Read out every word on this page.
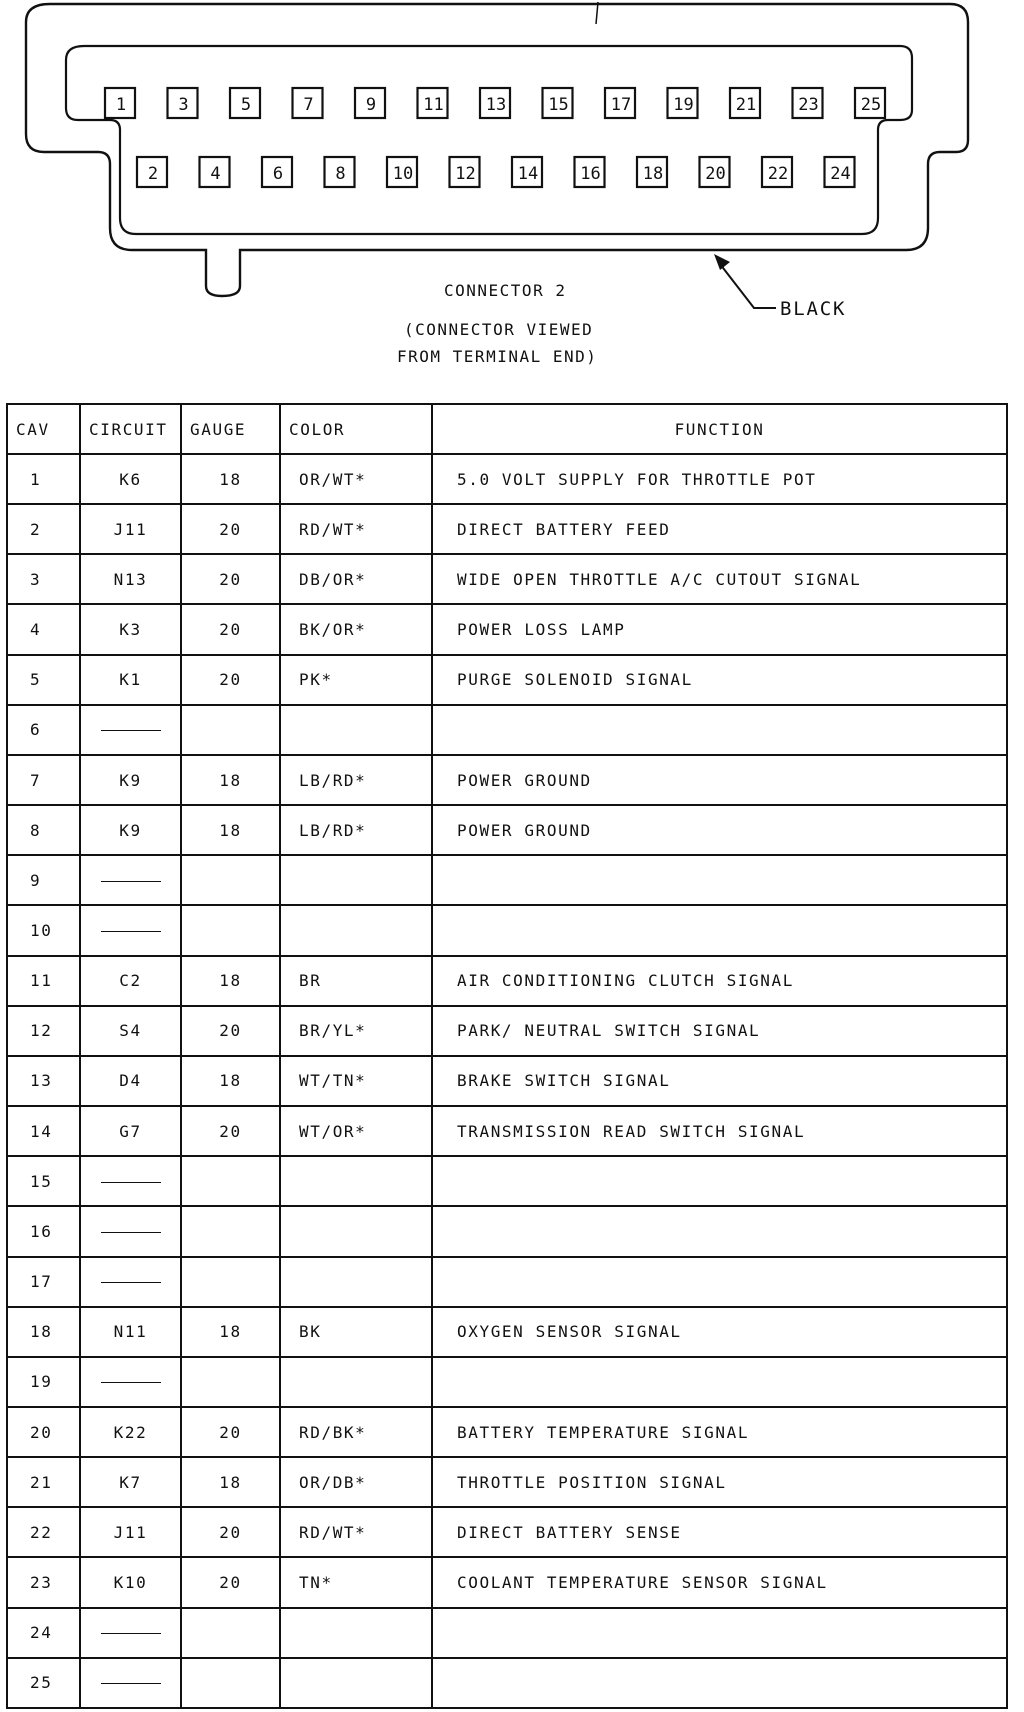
1	3	5	7	9	11 13 15 17 19 21 23 25
2	4	6	8	10 12 14 16 18 20 22 24
CONNECTOR 2
(CONNECTOR VIEWED
FROM TERMINAL END)
BLACK
CAV	CIRCUIT	GAUGE	COLOR	FUNCTION
1	K6	18	OR/WT*	5.0 VOLT SUPPLY FOR THROTTLE POT
2	J11	20	RD/WT*	DIRECT BATTERY FEED
3	N13	20	DB/OR*	WIDE OPEN THROTTLE A/C CUTOUT SIGNAL
4	K3	20	BK/OR*	POWER LOSS LAMP
5	K1	20	PK*	PURGE SOLENOID SIGNAL
6				
7	K9	18	LB/RD*	POWER GROUND
8	K9	18	LB/RD*	POWER GROUND
9				
10				
11	C2	18	BR	AIR CONDITIONING CLUTCH SIGNAL
12	S4	20	BR/YL*	PARK/ NEUTRAL SWITCH SIGNAL
13	D4	18	WT/TN*	BRAKE SWITCH SIGNAL
14	G7	20	WT/OR*	TRANSMISSION READ SWITCH SIGNAL
15				
16				
17				
18	N11	18	BK	OXYGEN SENSOR SIGNAL
19				
20	K22	20	RD/BK*	BATTERY TEMPERATURE SIGNAL
21	K7	18	OR/DB*	THROTTLE POSITION SIGNAL
22	J11	20	RD/WT*	DIRECT BATTERY SENSE
23	K10	20	TN*	COOLANT TEMPERATURE SENSOR SIGNAL
24				
25				
